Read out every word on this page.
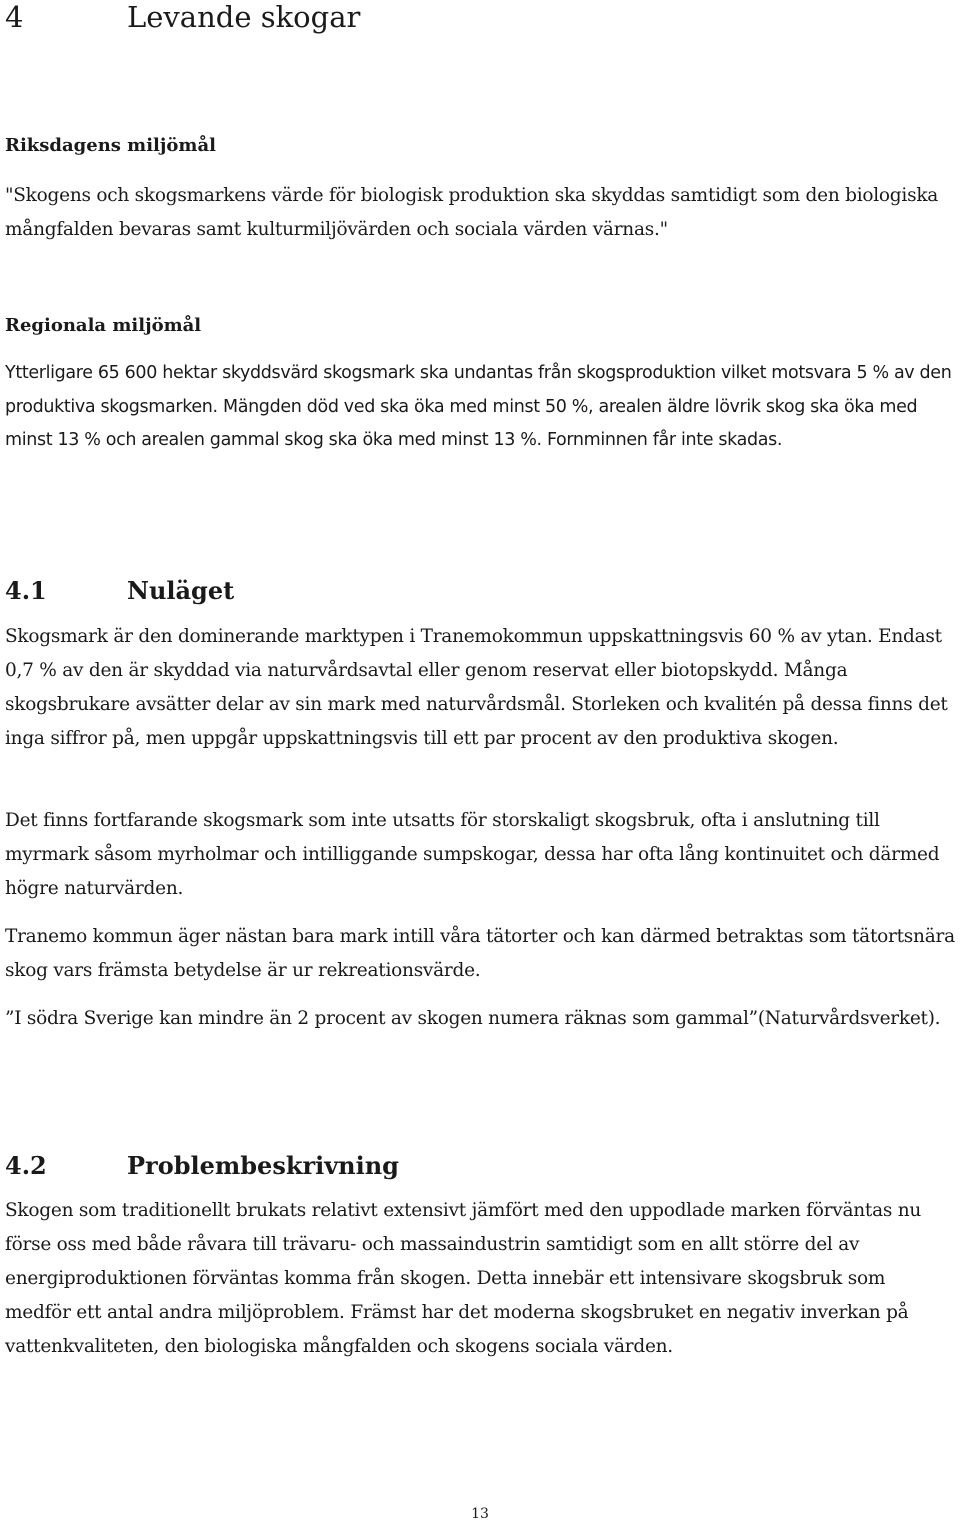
4	Levande skogar
Riksdagens miljömål

"Skogens och skogsmarkens värde för biologisk produktion ska skyddas samtidigt som den biologiska mångfalden bevaras samt kulturmiljövärden och sociala värden värnas."

Regionala miljömål

Ytterligare 65 600 hektar skyddsvärd skogsmark ska undantas från skogsproduktion vilket motsvara 5 % av den produktiva skogsmarken. Mängden död ved ska öka med minst 50 %, arealen äldre lövrik skog ska öka med minst 13 % och arealen gammal skog ska öka med minst 13 %. Fornminnen får inte skadas.

4.1	Nuläget

Skogsmark är den dominerande marktypen i Tranemokommun uppskattningsvis 60 % av ytan. Endast 0,7 % av den är skyddad via naturvårdsavtal eller genom reservat eller biotopskydd. Många skogsbrukare avsätter delar av sin mark med naturvårdsmål. Storleken och kvalitén på dessa finns det inga siffror på, men uppgår uppskattningsvis till ett par procent av den produktiva skogen.

Det finns fortfarande skogsmark som inte utsatts för storskaligt skogsbruk, ofta i anslutning till myrmark såsom myrholmar och intilliggande sumpskogar, dessa har ofta lång kontinuitet och därmed högre naturvärden.

Tranemo kommun äger nästan bara mark intill våra tätorter och kan därmed betraktas som tätortsnära skog vars främsta betydelse är ur rekreationsvärde.

”I södra Sverige kan mindre än 2 procent av skogen numera räknas som gammal”(Naturvårdsverket).

4.2	Problembeskrivning

Skogen som traditionellt brukats relativt extensivt jämfört med den uppodlade marken förväntas nu förse oss med både råvara till trävaru- och massaindustrin samtidigt som en allt större del av energiproduktionen förväntas komma från skogen. Detta innebär ett intensivare skogsbruk som medför ett antal andra miljöproblem. Främst har det moderna skogsbruket en negativ inverkan på vattenkvaliteten, den biologiska mångfalden och skogens sociala värden.

13
